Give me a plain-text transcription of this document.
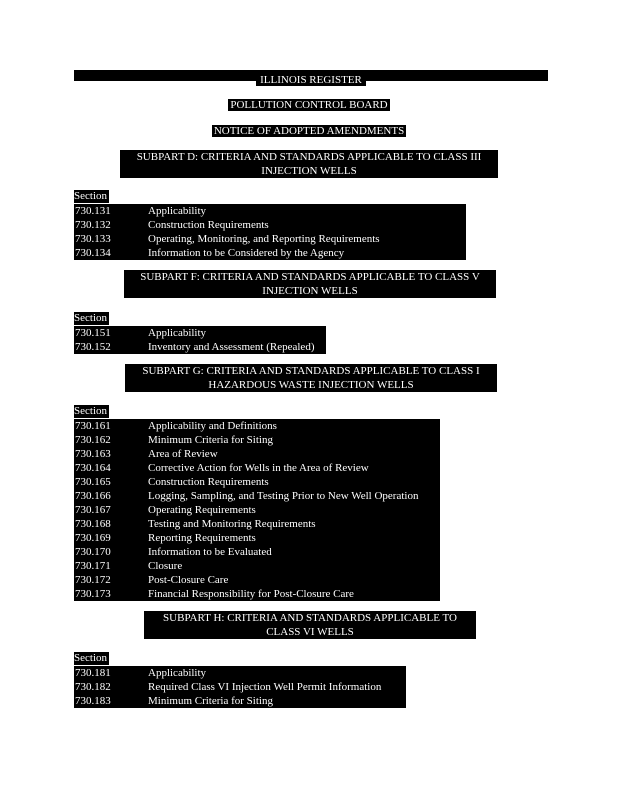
ILLINOIS REGISTER
POLLUTION CONTROL BOARD
NOTICE OF ADOPTED AMENDMENTS
SUBPART D: CRITERIA AND STANDARDS APPLICABLE TO CLASS III
INJECTION WELLS
Section
730.131	Applicability
730.132	Construction Requirements
730.133	Operating, Monitoring, and Reporting Requirements
730.134	Information to be Considered by the Agency
SUBPART F: CRITERIA AND STANDARDS APPLICABLE TO CLASS V
INJECTION WELLS
Section
730.151	Applicability
730.152	Inventory and Assessment (Repealed)
SUBPART G: CRITERIA AND STANDARDS APPLICABLE TO CLASS I
HAZARDOUS WASTE INJECTION WELLS
Section
730.161	Applicability and Definitions
730.162	Minimum Criteria for Siting
730.163	Area of Review
730.164	Corrective Action for Wells in the Area of Review
730.165	Construction Requirements
730.166	Logging, Sampling, and Testing Prior to New Well Operation
730.167	Operating Requirements
730.168	Testing and Monitoring Requirements
730.169	Reporting Requirements
730.170	Information to be Evaluated
730.171	Closure
730.172	Post-Closure Care
730.173	Financial Responsibility for Post-Closure Care
SUBPART H: CRITERIA AND STANDARDS APPLICABLE TO
CLASS VI WELLS
Section
730.181	Applicability
730.182	Required Class VI Injection Well Permit Information
730.183	Minimum Criteria for Siting
